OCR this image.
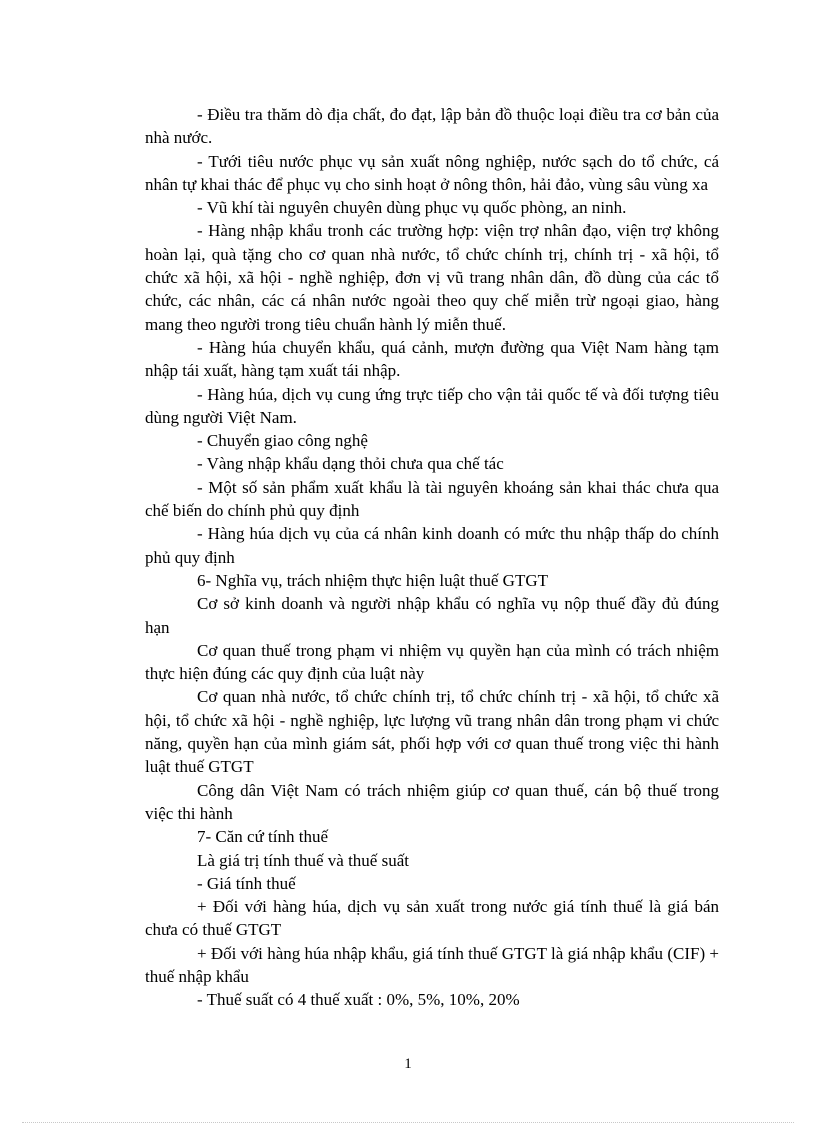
- Điều tra thăm dò địa chất, đo đạt, lập bản đồ thuộc loại điều tra cơ bản của nhà nước.

- Tưới tiêu nước phục vụ sản xuất nông nghiệp, nước sạch do tổ chức, cá nhân tự khai thác để phục vụ cho sinh hoạt ở nông thôn, hải đảo, vùng sâu vùng xa

- Vũ khí tài nguyên chuyên dùng phục vụ quốc phòng, an ninh.

- Hàng nhập khẩu tronh các trường hợp: viện trợ nhân đạo, viện trợ không hoàn lại, quà tặng cho cơ quan nhà nước, tổ chức chính trị, chính trị - xã hội, tổ chức xã hội, xã hội - nghề nghiệp, đơn vị vũ trang nhân dân, đồ dùng của các tổ chức, các nhân, các cá nhân nước ngoài theo quy chế miễn trừ ngoại giao, hàng mang theo người trong tiêu chuẩn hành lý miễn thuế.

- Hàng húa chuyển khẩu, quá cảnh, mượn đường qua Việt Nam hàng tạm nhập tái xuất, hàng tạm xuất tái nhập.

- Hàng húa, dịch vụ cung ứng trực tiếp cho vận tải quốc tế và đối tượng tiêu dùng người Việt Nam.

- Chuyển giao công nghệ

- Vàng nhập khẩu dạng thỏi chưa qua chế tác

- Một số sản phẩm xuất khẩu là tài nguyên khoáng sản khai thác chưa qua chế biến do chính phủ quy định

- Hàng húa dịch vụ của cá nhân kinh doanh có mức thu nhập thấp do chính phủ quy định

6- Nghĩa vụ, trách nhiệm thực hiện luật thuế GTGT

Cơ sở kinh doanh và người nhập khẩu có nghĩa vụ nộp thuế đầy đủ đúng hạn

Cơ quan thuế trong phạm vi nhiệm vụ quyền hạn của mình có trách nhiệm thực hiện đúng các quy định của luật này

Cơ quan nhà nước, tổ chức chính trị, tổ chức chính trị - xã hội, tổ chức xã hội, tổ chức xã hội - nghề nghiệp, lực lượng vũ trang nhân dân trong phạm vi chức năng, quyền hạn của mình giám sát, phối hợp với cơ quan thuế trong việc thi hành luật thuế GTGT

Công dân Việt Nam có trách nhiệm giúp cơ quan thuế, cán bộ thuế trong việc thi hành

7- Căn cứ tính thuế

Là giá trị tính thuế và thuế suất

- Giá tính thuế

+ Đối với hàng húa, dịch vụ sản xuất trong nước giá tính thuế là giá bán chưa có thuế GTGT

+ Đối với hàng húa nhập khẩu, giá tính thuế GTGT là giá nhập khẩu (CIF) + thuế nhập khẩu

- Thuế suất có 4 thuế xuất : 0%, 5%, 10%, 20%

1
